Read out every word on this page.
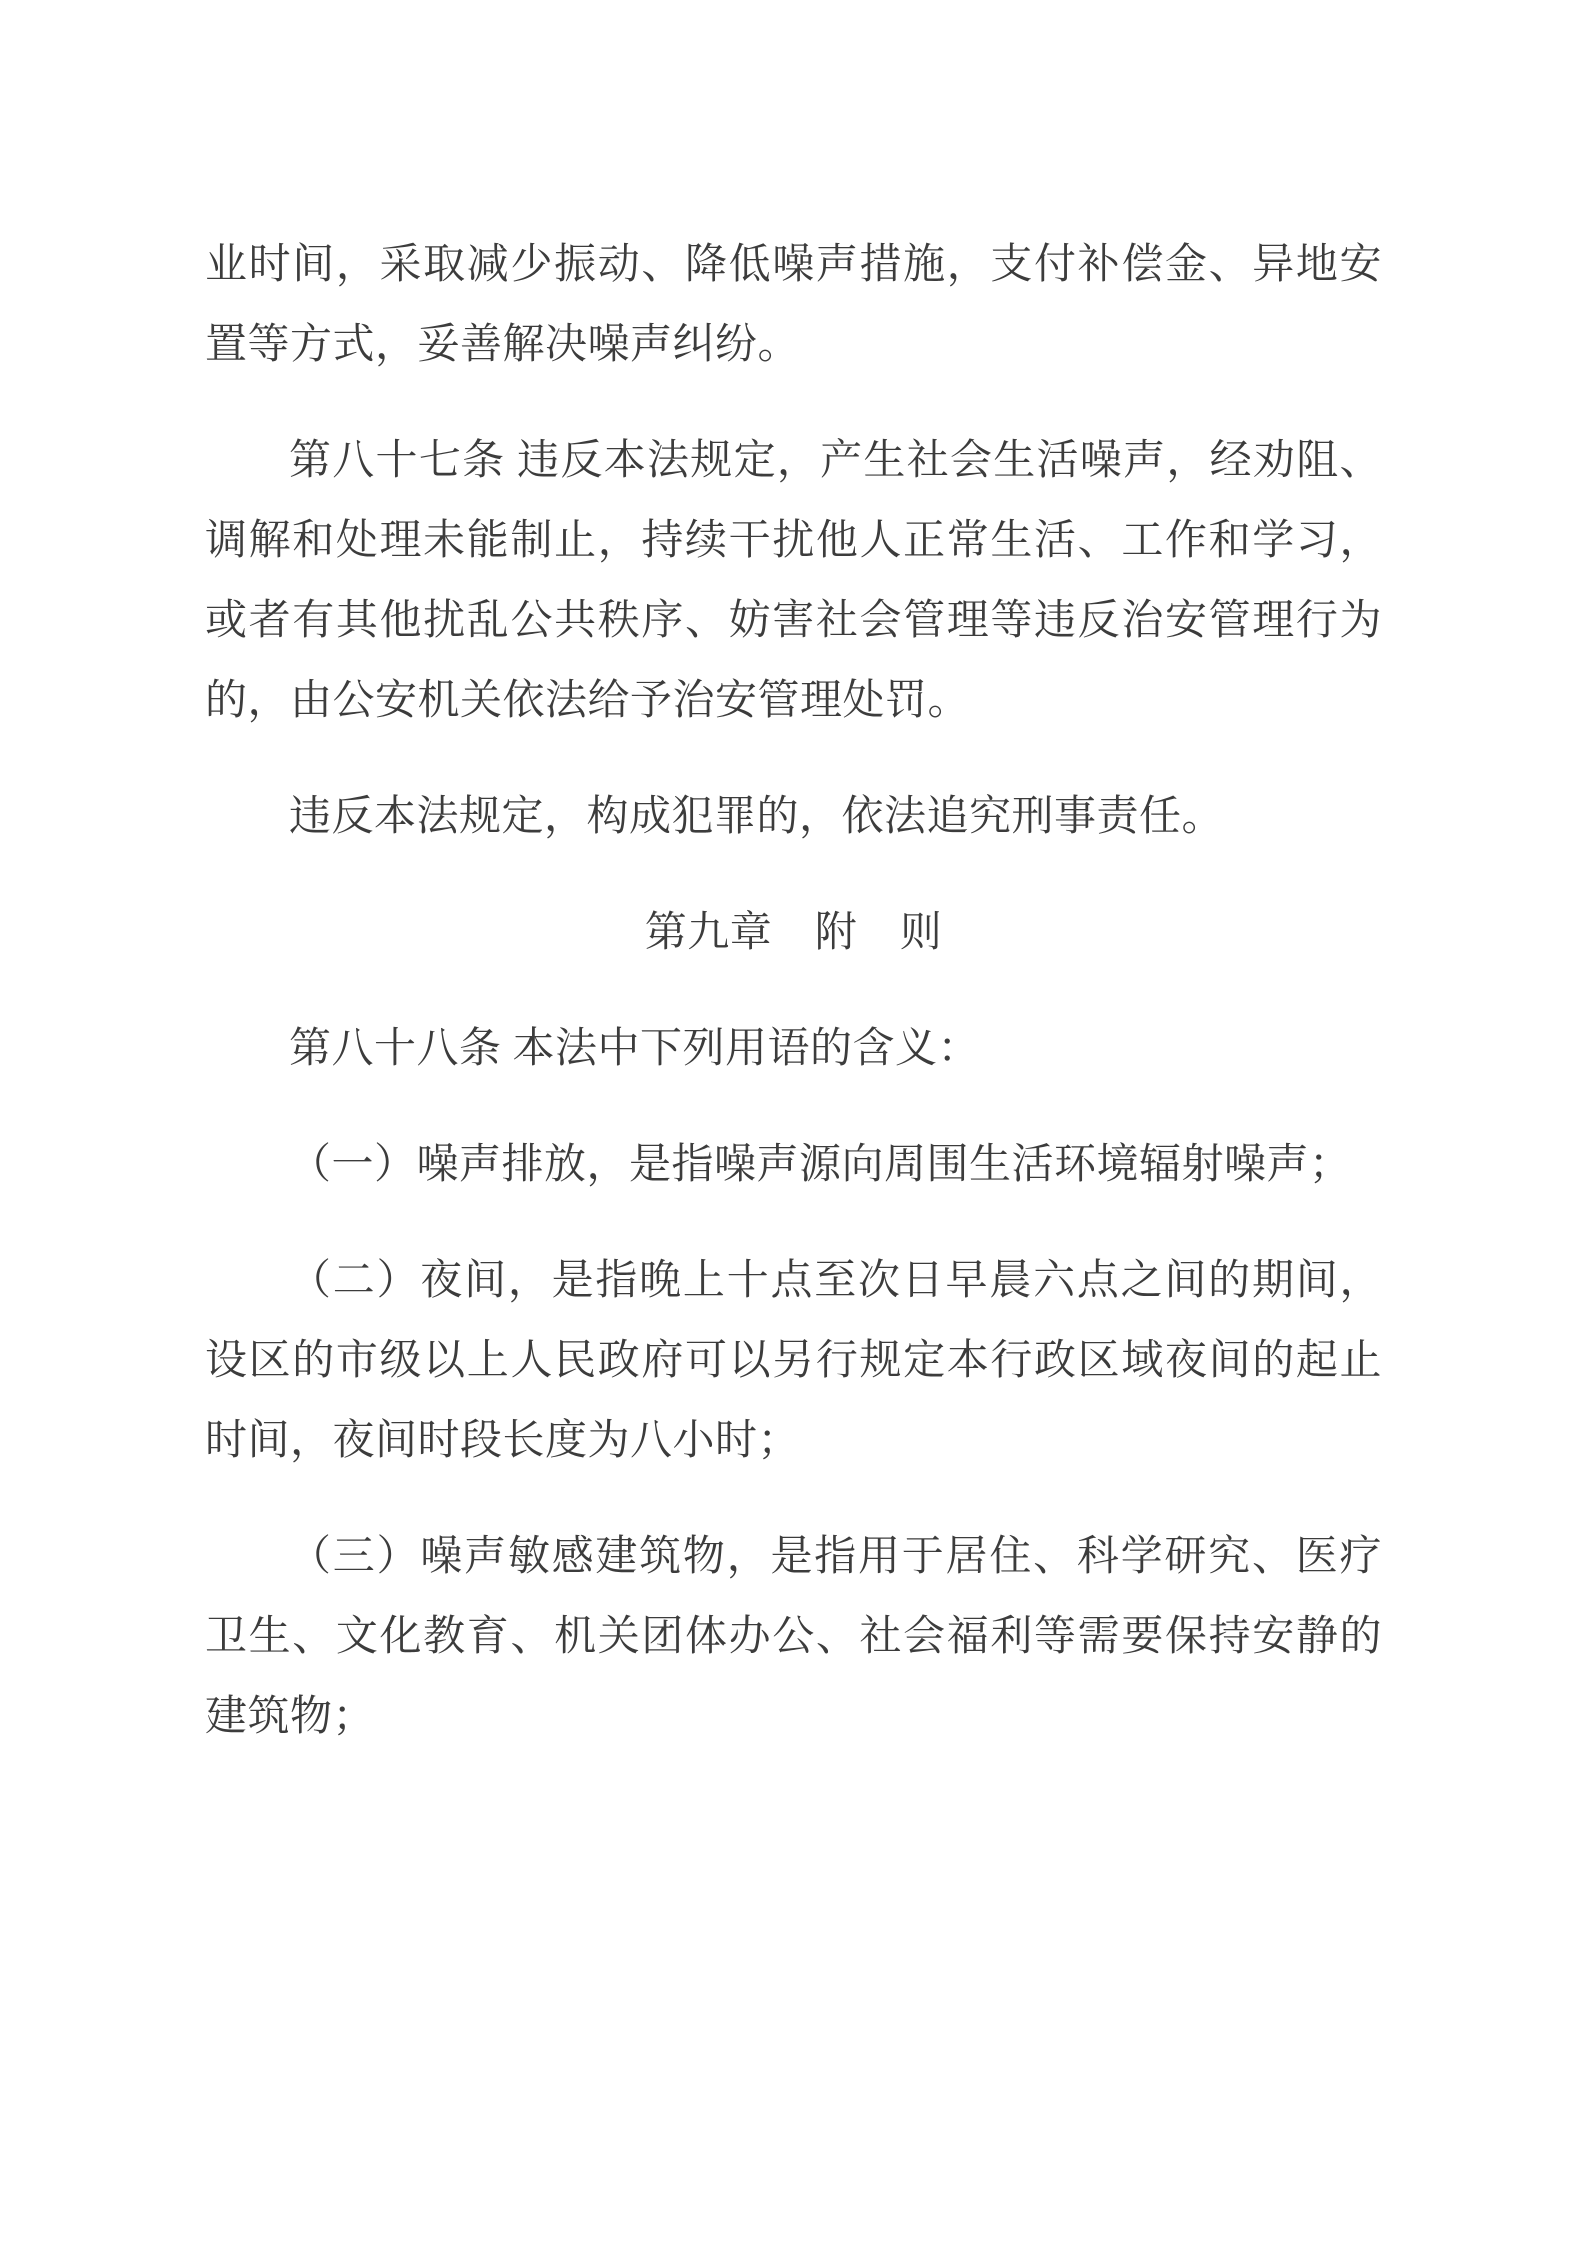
业时间，采取减少振动、降低噪声措施，支付补偿金、异地安置等方式，妥善解决噪声纠纷。

第八十七条 违反本法规定，产生社会生活噪声，经劝阻、调解和处理未能制止，持续干扰他人正常生活、工作和学习，或者有其他扰乱公共秩序、妨害社会管理等违反治安管理行为的，由公安机关依法给予治安管理处罚。

违反本法规定，构成犯罪的，依法追究刑事责任。

第九章　附　则

第八十八条 本法中下列用语的含义：

（一）噪声排放，是指噪声源向周围生活环境辐射噪声；

（二）夜间，是指晚上十点至次日早晨六点之间的期间，设区的市级以上人民政府可以另行规定本行政区域夜间的起止时间，夜间时段长度为八小时；

（三）噪声敏感建筑物，是指用于居住、科学研究、医疗卫生、文化教育、机关团体办公、社会福利等需要保持安静的建筑物；
